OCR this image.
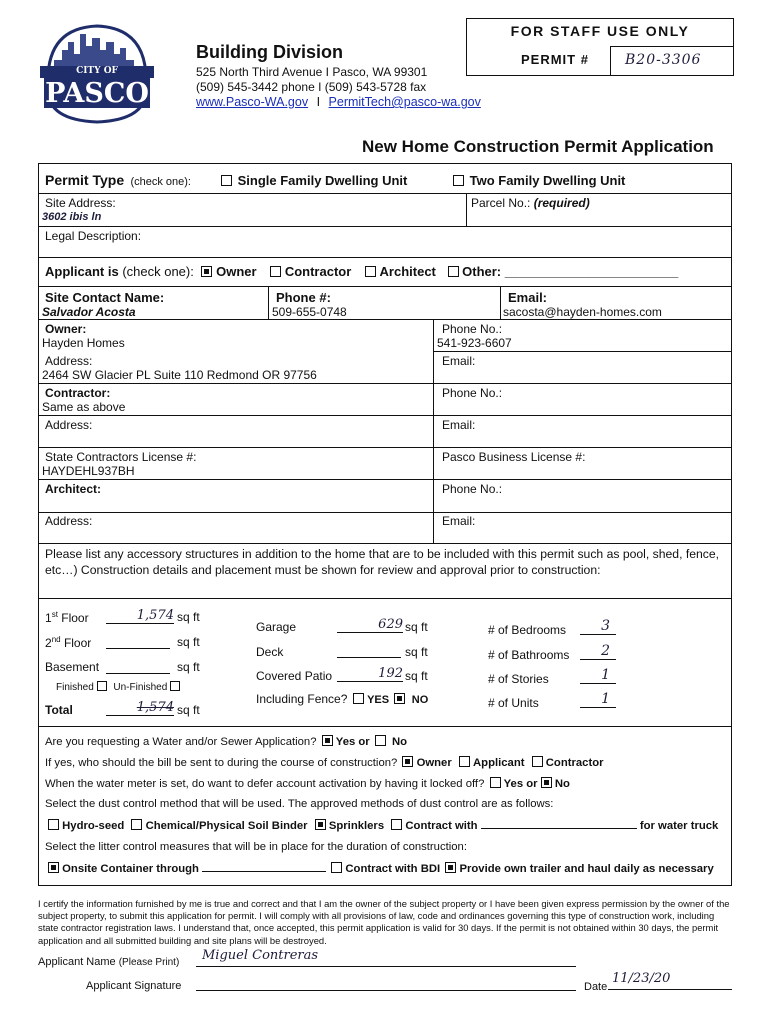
CITY OF
PASCO
Building Division
525 North Third Avenue I Pasco, WA 99301
(509) 545-3442 phone I (509) 543-5728 fax
www.Pasco-WA.gov I PermitTech@pasco-wa.gov
FOR STAFF USE ONLY
PERMIT #	B20-3306
New Home Construction Permit Application
Permit Type (check one):	Single Family Dwelling Unit	Two Family Dwelling Unit
Site Address:
3602 ibis ln
Parcel No.: (required)
Legal Description:
Applicant is (check one): Owner Contractor Architect Other: ________________________
Site Contact Name:
Salvador Acosta
Phone #:
509-655-0748
Email:
sacosta@hayden-homes.com
Owner:
Hayden Homes
Phone No.:
541-923-6607
Address:
2464 SW Glacier PL Suite 110 Redmond OR 97756
Email:
Contractor:
Same as above
Phone No.:
Address:	Email:
State Contractors License #:
HAYDEHL937BH
Pasco Business License #:
Architect:	Phone No.:
Address:	Email:
Please list any accessory structures in addition to the home that are to be included with this permit such as pool, shed, fence, etc…) Construction details and placement must be shown for review and approval prior to construction:
1st Floor	1,574 sq ft
2nd Floor	sq ft
Basement	sq ft
Finished Un-Finished
Total	1,574 sq ft
Garage	629 sq ft
Deck	sq ft
Covered Patio	192 sq ft
Including Fence? YES NO
# of Bedrooms	3
# of Bathrooms	2
# of Stories	1
# of Units	1
Are you requesting a Water and/or Sewer Application? Yes or No
If yes, who should the bill be sent to during the course of construction? Owner Applicant Contractor
When the water meter is set, do want to defer account activation by having it locked off? Yes or No
Select the dust control method that will be used. The approved methods of dust control are as follows:
Hydro-seed Chemical/Physical Soil Binder Sprinklers Contract with	for water truck
Select the litter control measures that will be in place for the duration of construction:
Onsite Container through	Contract with BDI Provide own trailer and haul daily as necessary
I certify the information furnished by me is true and correct and that I am the owner of the subject property or I have been given express permission by the owner of the subject property, to submit this application for permit. I will comply with all provisions of law, code and ordinances governing this type of construction work, including state contractor registration laws. I understand that, once accepted, this permit application is valid for 30 days. If the permit is not obtained within 30 days, the permit application and all submitted building and site plans will be destroyed.
Applicant Name (Please Print) Miguel Contreras
Applicant Signature	Date
11/23/20
